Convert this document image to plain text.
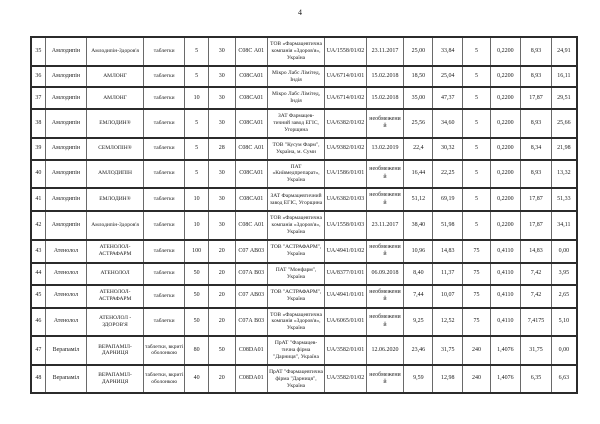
4
35	Амлодипін	Амлодипін-Здоров'я	таблетки	5	30	С08С А01	ТОВ «Фармацевтична компанія «Здоров'я», Україна	UA/1558/01/02	23.11.2017	25,00	33,84	5	0,2200	8,93	24,91
36	Амлодипін	АМЛОНГ	таблетки	5	30	С08СА01	Мікро Лабс Лімітед, Індія	UA/6714/01/01	15.02.2018	18,50	25,04	5	0,2200	8,93	16,11
37	Амлодипін	АМЛОНГ	таблетки	10	30	С08СА01	Мікро Лабс Лімітед, Індія	UA/6714/01/02	15.02.2018	35,00	47,37	5	0,2200	17,87	29,51
38	Амлодипін	ЕМЛОДИН®	таблетки	5	30	С08СА01	ЗАТ Фармацев- тичний завод ЕГІС, Угорщина	UA/6382/01/02	необмежений	25,56	34,60	5	0,2200	8,93	25,66
39	Амлодипін	СЕМЛОПІН®	таблетки	5	28	С08С А01	ТОВ "Кусум Фарм", Україна, м. Суми	UA/9382/01/02	13.02.2019	22,4	30,32	5	0,2200	8,34	21,98
40	Амлодипін	АМЛОДИПІН	таблетки	5	30	С08СА01	ПАТ «Київмедпрепарат», Україна	UA/1586/01/01	необмежений	16,44	22,25	5	0,2200	8,93	13,32
41	Амлодипін	ЕМЛОДИН®	таблетки	10	30	С08СА01	ЗАТ Фармацевтичний завод ЕГІС, Угорщина	UA/6382/01/03	необмежений	51,12	69,19	5	0,2200	17,87	51,33
42	Амлодипін	Амлодипін-Здоров'я	таблетки	10	30	С08С А01	ТОВ «Фармацевтична компанія «Здоров'я», Україна	UA/1558/01/03	23.11.2017	38,40	51,98	5	0,2200	17,87	34,11
43	Атенолол	АТЕНОЛОЛ-АСТРАФАРМ	таблетки	100	20	С07 АВ03	ТОВ "АСТРАФАРМ", Україна	UA/4941/01/02	необмежений	10,96	14,83	75	0,4110	14,83	0,00
44	Атенолол	АТЕНОЛОЛ	таблетки	50	20	С07А В03	ПАТ "Монфарм", Україна	UA/8377/01/01	06.09.2018	8,40	11,37	75	0,4110	7,42	3,95
45	Атенолол	АТЕНОЛОЛ-АСТРАФАРМ	таблетки	50	20	С07 АВ03	ТОВ "АСТРАФАРМ", Україна	UA/4941/01/01	необмежений	7,44	10,07	75	0,4110	7,42	2,65
46	Атенолол	АТЕНОЛОЛ - ЗДОРОВ'Я	таблетки	50	20	С07А В03	ТОВ «Фармацевтична компанія «Здоров'я», Україна	UA/6065/01/01	необмежений	9,25	12,52	75	0,4110	7,4175	5,10
47	Верапаміл	ВЕРАПАМІЛ-ДАРНИЦЯ	таблетки, вкриті оболонкою	80	50	С08DА01	ПрАТ "Фармацев- тична фірма "Дарниця", Україна	UA/3582/01/01	12.06.2020	23,46	31,75	240	1,4076	31,75	0,00
48	Верапаміл	ВЕРАПАМІЛ-ДАРНИЦЯ	таблетки, вкриті оболонкою	40	20	С08DА01	ПрАТ "Фармацевтична фірма "Дарниця", Україна	UA/3582/01/02	необмежений	9,59	12,98	240	1,4076	6,35	6,63
